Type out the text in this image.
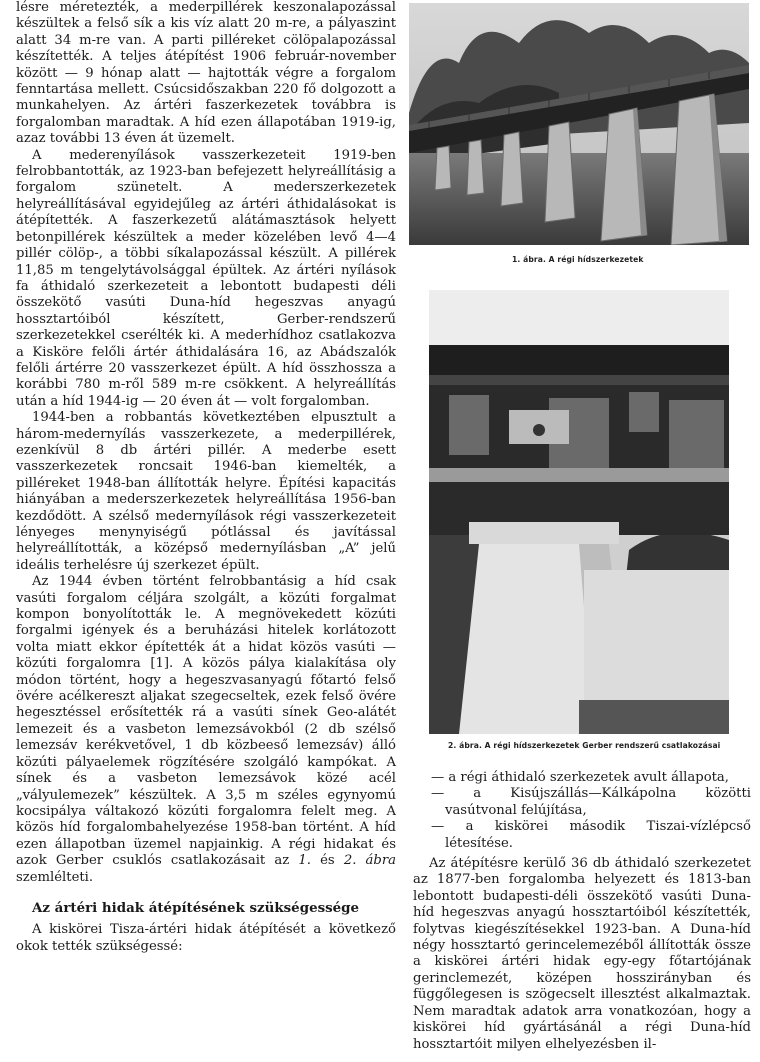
lésre méretezték, a mederpillérek keszonalapozással készültek a felső sík a kis víz alatt 20 m-re, a pályaszint alatt 34 m-re van. A parti pilléreket cölöpalapozással készítették. A teljes átépítést 1906 február-november között — 9 hónap alatt — hajtották végre a forgalom fenntartása mellett. Csúcsidőszakban 220 fő dolgozott a munkahelyen. Az ártéri faszerkezetek továbbra is forgalomban maradtak. A híd ezen állapotában 1919-ig, azaz további 13 éven át üzemelt.

A mederenyílások vasszerkezeteit 1919-ben felrobbantották, az 1923-ban befejezett helyreállításig a forgalom szünetelt. A mederszerkezetek helyreállításával egyidejűleg az ártéri áthidalásokat is átépítették. A faszerkezetű alátámasztások helyett betonpillérek készültek a meder közelében levő 4—4 pillér cölöp-, a többi síkalapozással készült. A pillérek 11,85 m tengelytávolsággal épültek. Az ártéri nyílások fa áthidaló szerkezeteit a lebontott budapesti déli összekötő vasúti Duna-híd hegeszvas anyagú hossztartóiból készített, Gerber-rendszerű szerkezetekkel cserélték ki. A mederhídhoz csatlakozva a Kisköre felőli ártér áthidalására 16, az Abádszalók felőli ártérre 20 vasszerkezet épült. A híd összhossza a korábbi 780 m-ről 589 m-re csökkent. A helyreállítás után a híd 1944-ig — 20 éven át — volt forgalomban.

1944-ben a robbantás következtében elpusztult a három-medernyílás vasszerkezete, a mederpillérek, ezenkívül 8 db ártéri pillér. A mederbe esett vasszerkezetek roncsait 1946-ban kiemelték, a pilléreket 1948-ban állították helyre. Építési kapacitás hiányában a mederszerkezetek helyreállítása 1956-ban kezdődött. A szélső medernyílások régi vasszerkezeteit lényeges menynyiségű pótlással és javítással helyreállították, a középső medernyílásban „A” jelű ideális terhelésre új szerkezet épült.

Az 1944 évben történt felrobbantásig a híd csak vasúti forgalom céljára szolgált, a közúti forgalmat kompon bonyolították le. A megnövekedett közúti forgalmi igények és a beruházási hitelek korlátozott volta miatt ekkor építették át a hidat közös vasúti — közúti forgalomra [1]. A közös pálya kialakítása oly módon történt, hogy a hegeszvasanyagú főtartó felső övére acélkereszt aljakat szegecseltek, ezek felső övére hegesztéssel erősítették rá a vasúti sínek Geo-alátét lemezeit és a vasbeton lemezsávokból (2 db szélső lemezsáv kerékvetővel, 1 db közbeeső lemezsáv) álló közúti pályaelemek rögzítésére szolgáló kampókat. A sínek és a vasbeton lemezsávok közé acél „vályulemezek” készültek. A 3,5 m széles egynyomú kocsipálya váltakozó közúti forgalomra felelt meg. A közös híd forgalombahelyezése 1958-ban történt. A híd ezen állapotban üzemel napjainkig. A régi hidakat és azok Gerber csuklós csatlakozásait az 1. és 2. ábra szemlélteti.

Az ártéri hidak átépítésének szükségessége

A kiskörei Tisza-ártéri hidak átépítését a következő okok tették szükségessé:

1. ábra. A régi hídszerkezetek
2. ábra. A régi hídszerkezetek Gerber rendszerű csatlakozásai

— a régi áthidaló szerkezetek avult állapota,

— a Kisújszállás—Kálkápolna közötti vasútvonal felújítása,

— a kiskörei második Tiszai-vízlépcső létesítése.

Az átépítésre kerülő 36 db áthidaló szerkezetet az 1877-ben forgalomba helyezett és 1813-ban lebontott budapesti-déli összekötő vasúti Duna-híd hegeszvas anyagú hossztartóiból készítették, folytvas kiegészítésekkel 1923-ban. A Duna-híd négy hossztartó gerincelemezéből állították össze a kiskörei ártéri hidak egy-egy főtartójának gerinclemezét, középen hosszirányban és függőlegesen is szögecselt illesztést alkalmaztak. Nem maradtak adatok arra vonatkozóan, hogy a kiskörei híd gyártásánál a régi Duna-híd hossztartóit milyen elhelyezésben il-
